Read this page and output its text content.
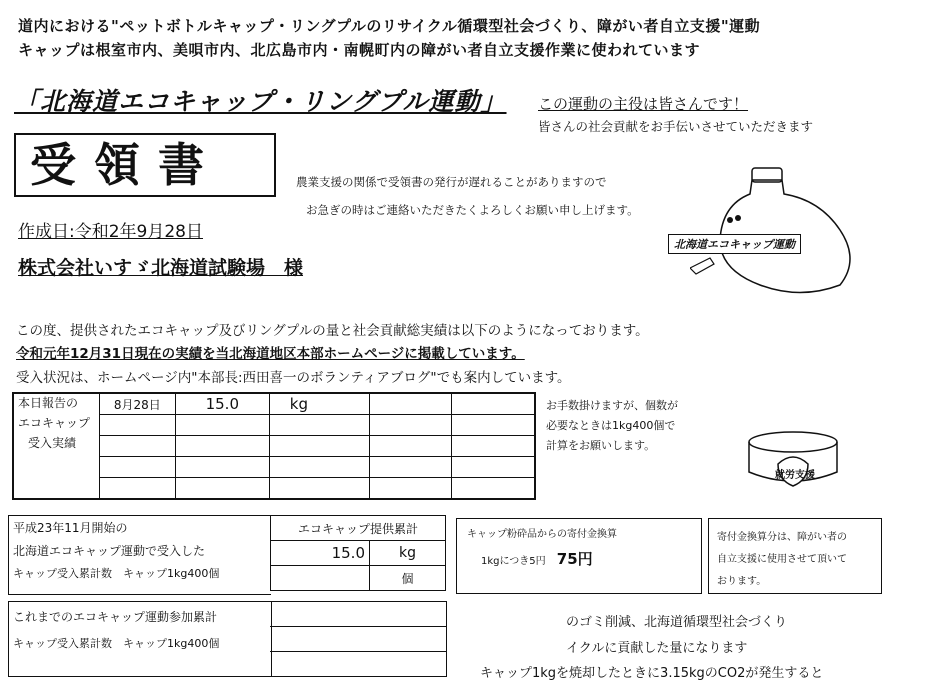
道内における"ペットボトルキャップ・リングプルのリサイクル循環型社会づくり、障がい者自立支援"運動
キャップは根室市内、美唄市内、北広島市内・南幌町内の障がい者自立支援作業に使われています
「北海道エコキャップ・リングプル運動」 この運動の主役は皆さんです！
皆さんの社会貢献をお手伝いさせていただきます
受領書	農業支援の関係で受領書の発行が遅れることがありますので
お急ぎの時はご連絡いただきたくよろしくお願い申し上げます。
作成日:令和2年9月28日
株式会社いすゞ北海道試験場　様
北海道エコキャップ運動
この度、提供されたエコキャップ及びリングプルの量と社会貢献総実績は以下のようになっております。
令和元年12月31日現在の実績を当北海道地区本部ホームページに掲載しています。
受入状況は、ホームページ内"本部長:西田喜一のボランティアブログ"でも案内しています。
本日報告の
エコキャップ
受入実績	8月28日	15.0	kg		

					お手数掛けますが、個数が
必要なときは1kg400個で
計算をお願いします。
就労支援
平成23年11月開始の
北海道エコキャップ運動で受入した
キャップ受入累計数　キャップ1kg400個
エコキャップ提供累計	
15.0	kg
	個
キャップ粉砕品からの寄付金換算
1kgにつき5円 75円
寄付金換算分は、障がい者の
自立支援に使用させて頂いて
おります。
これまでのエコキャップ運動参加累計
キャップ受入累計数　キャップ1kg400個
のゴミ削減、北海道循環型社会づくり
イクルに貢献した量になります
キャップ1kgを焼却したときに3.15kgのCO2が発生すると
